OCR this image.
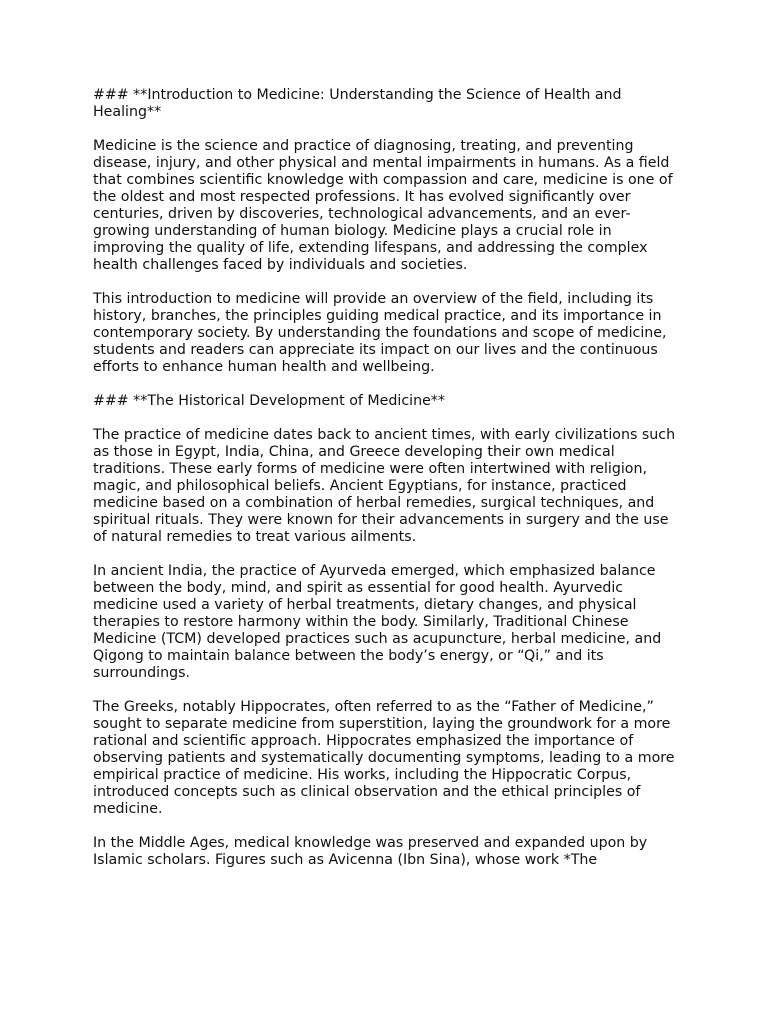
### **Introduction to Medicine: Understanding the Science of Health and Healing**

Medicine is the science and practice of diagnosing, treating, and preventing disease, injury, and other physical and mental impairments in humans. As a field that combines scientific knowledge with compassion and care, medicine is one of the oldest and most respected professions. It has evolved significantly over centuries, driven by discoveries, technological advancements, and an ever-growing understanding of human biology. Medicine plays a crucial role in improving the quality of life, extending lifespans, and addressing the complex health challenges faced by individuals and societies.

This introduction to medicine will provide an overview of the field, including its history, branches, the principles guiding medical practice, and its importance in contemporary society. By understanding the foundations and scope of medicine, students and readers can appreciate its impact on our lives and the continuous efforts to enhance human health and wellbeing.

### **The Historical Development of Medicine**

The practice of medicine dates back to ancient times, with early civilizations such as those in Egypt, India, China, and Greece developing their own medical traditions. These early forms of medicine were often intertwined with religion, magic, and philosophical beliefs. Ancient Egyptians, for instance, practiced medicine based on a combination of herbal remedies, surgical techniques, and spiritual rituals. They were known for their advancements in surgery and the use of natural remedies to treat various ailments.

In ancient India, the practice of Ayurveda emerged, which emphasized balance between the body, mind, and spirit as essential for good health. Ayurvedic medicine used a variety of herbal treatments, dietary changes, and physical therapies to restore harmony within the body. Similarly, Traditional Chinese Medicine (TCM) developed practices such as acupuncture, herbal medicine, and Qigong to maintain balance between the body’s energy, or “Qi,” and its surroundings.

The Greeks, notably Hippocrates, often referred to as the “Father of Medicine,” sought to separate medicine from superstition, laying the groundwork for a more rational and scientific approach. Hippocrates emphasized the importance of observing patients and systematically documenting symptoms, leading to a more empirical practice of medicine. His works, including the Hippocratic Corpus, introduced concepts such as clinical observation and the ethical principles of medicine.

In the Middle Ages, medical knowledge was preserved and expanded upon by Islamic scholars. Figures such as Avicenna (Ibn Sina), whose work *The
